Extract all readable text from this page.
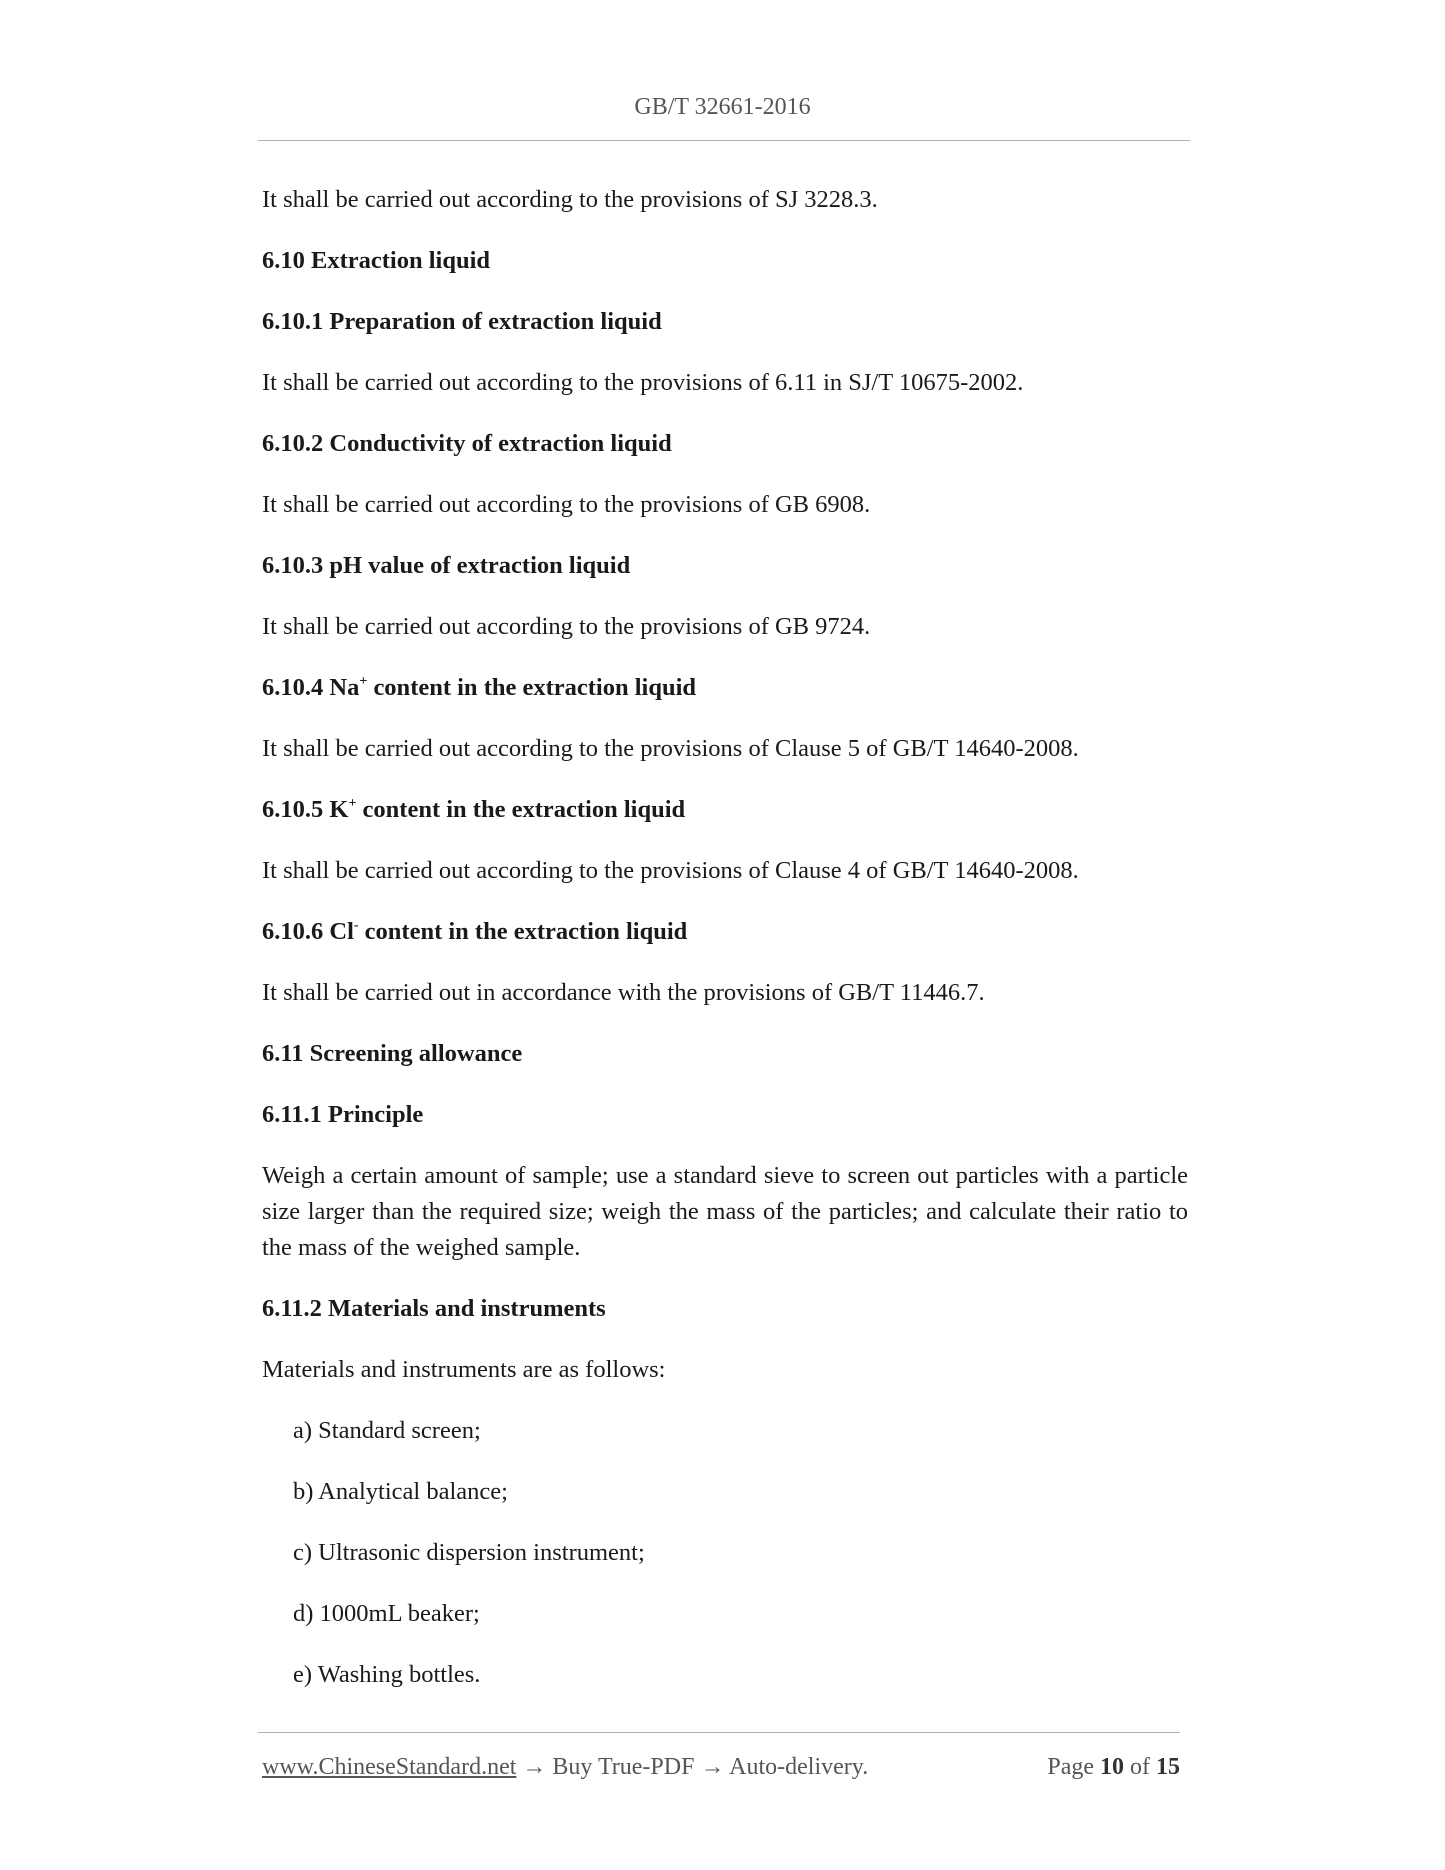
GB/T 32661-2016

It shall be carried out according to the provisions of SJ 3228.3.

6.10 Extraction liquid

6.10.1 Preparation of extraction liquid

It shall be carried out according to the provisions of 6.11 in SJ/T 10675-2002.

6.10.2 Conductivity of extraction liquid

It shall be carried out according to the provisions of GB 6908.

6.10.3 pH value of extraction liquid

It shall be carried out according to the provisions of GB 9724.

6.10.4 Na+ content in the extraction liquid

It shall be carried out according to the provisions of Clause 5 of GB/T 14640-2008.

6.10.5 K+ content in the extraction liquid

It shall be carried out according to the provisions of Clause 4 of GB/T 14640-2008.

6.10.6 Cl- content in the extraction liquid

It shall be carried out in accordance with the provisions of GB/T 11446.7.

6.11 Screening allowance

6.11.1 Principle

Weigh a certain amount of sample; use a standard sieve to screen out particles with a particle size larger than the required size; weigh the mass of the particles; and calculate their ratio to the mass of the weighed sample.

6.11.2 Materials and instruments

Materials and instruments are as follows:

a) Standard screen;

b) Analytical balance;

c) Ultrasonic dispersion instrument;

d) 1000mL beaker;

e) Washing bottles.

www.ChineseStandard.net → Buy True-PDF → Auto-delivery.	Page 10 of 15
